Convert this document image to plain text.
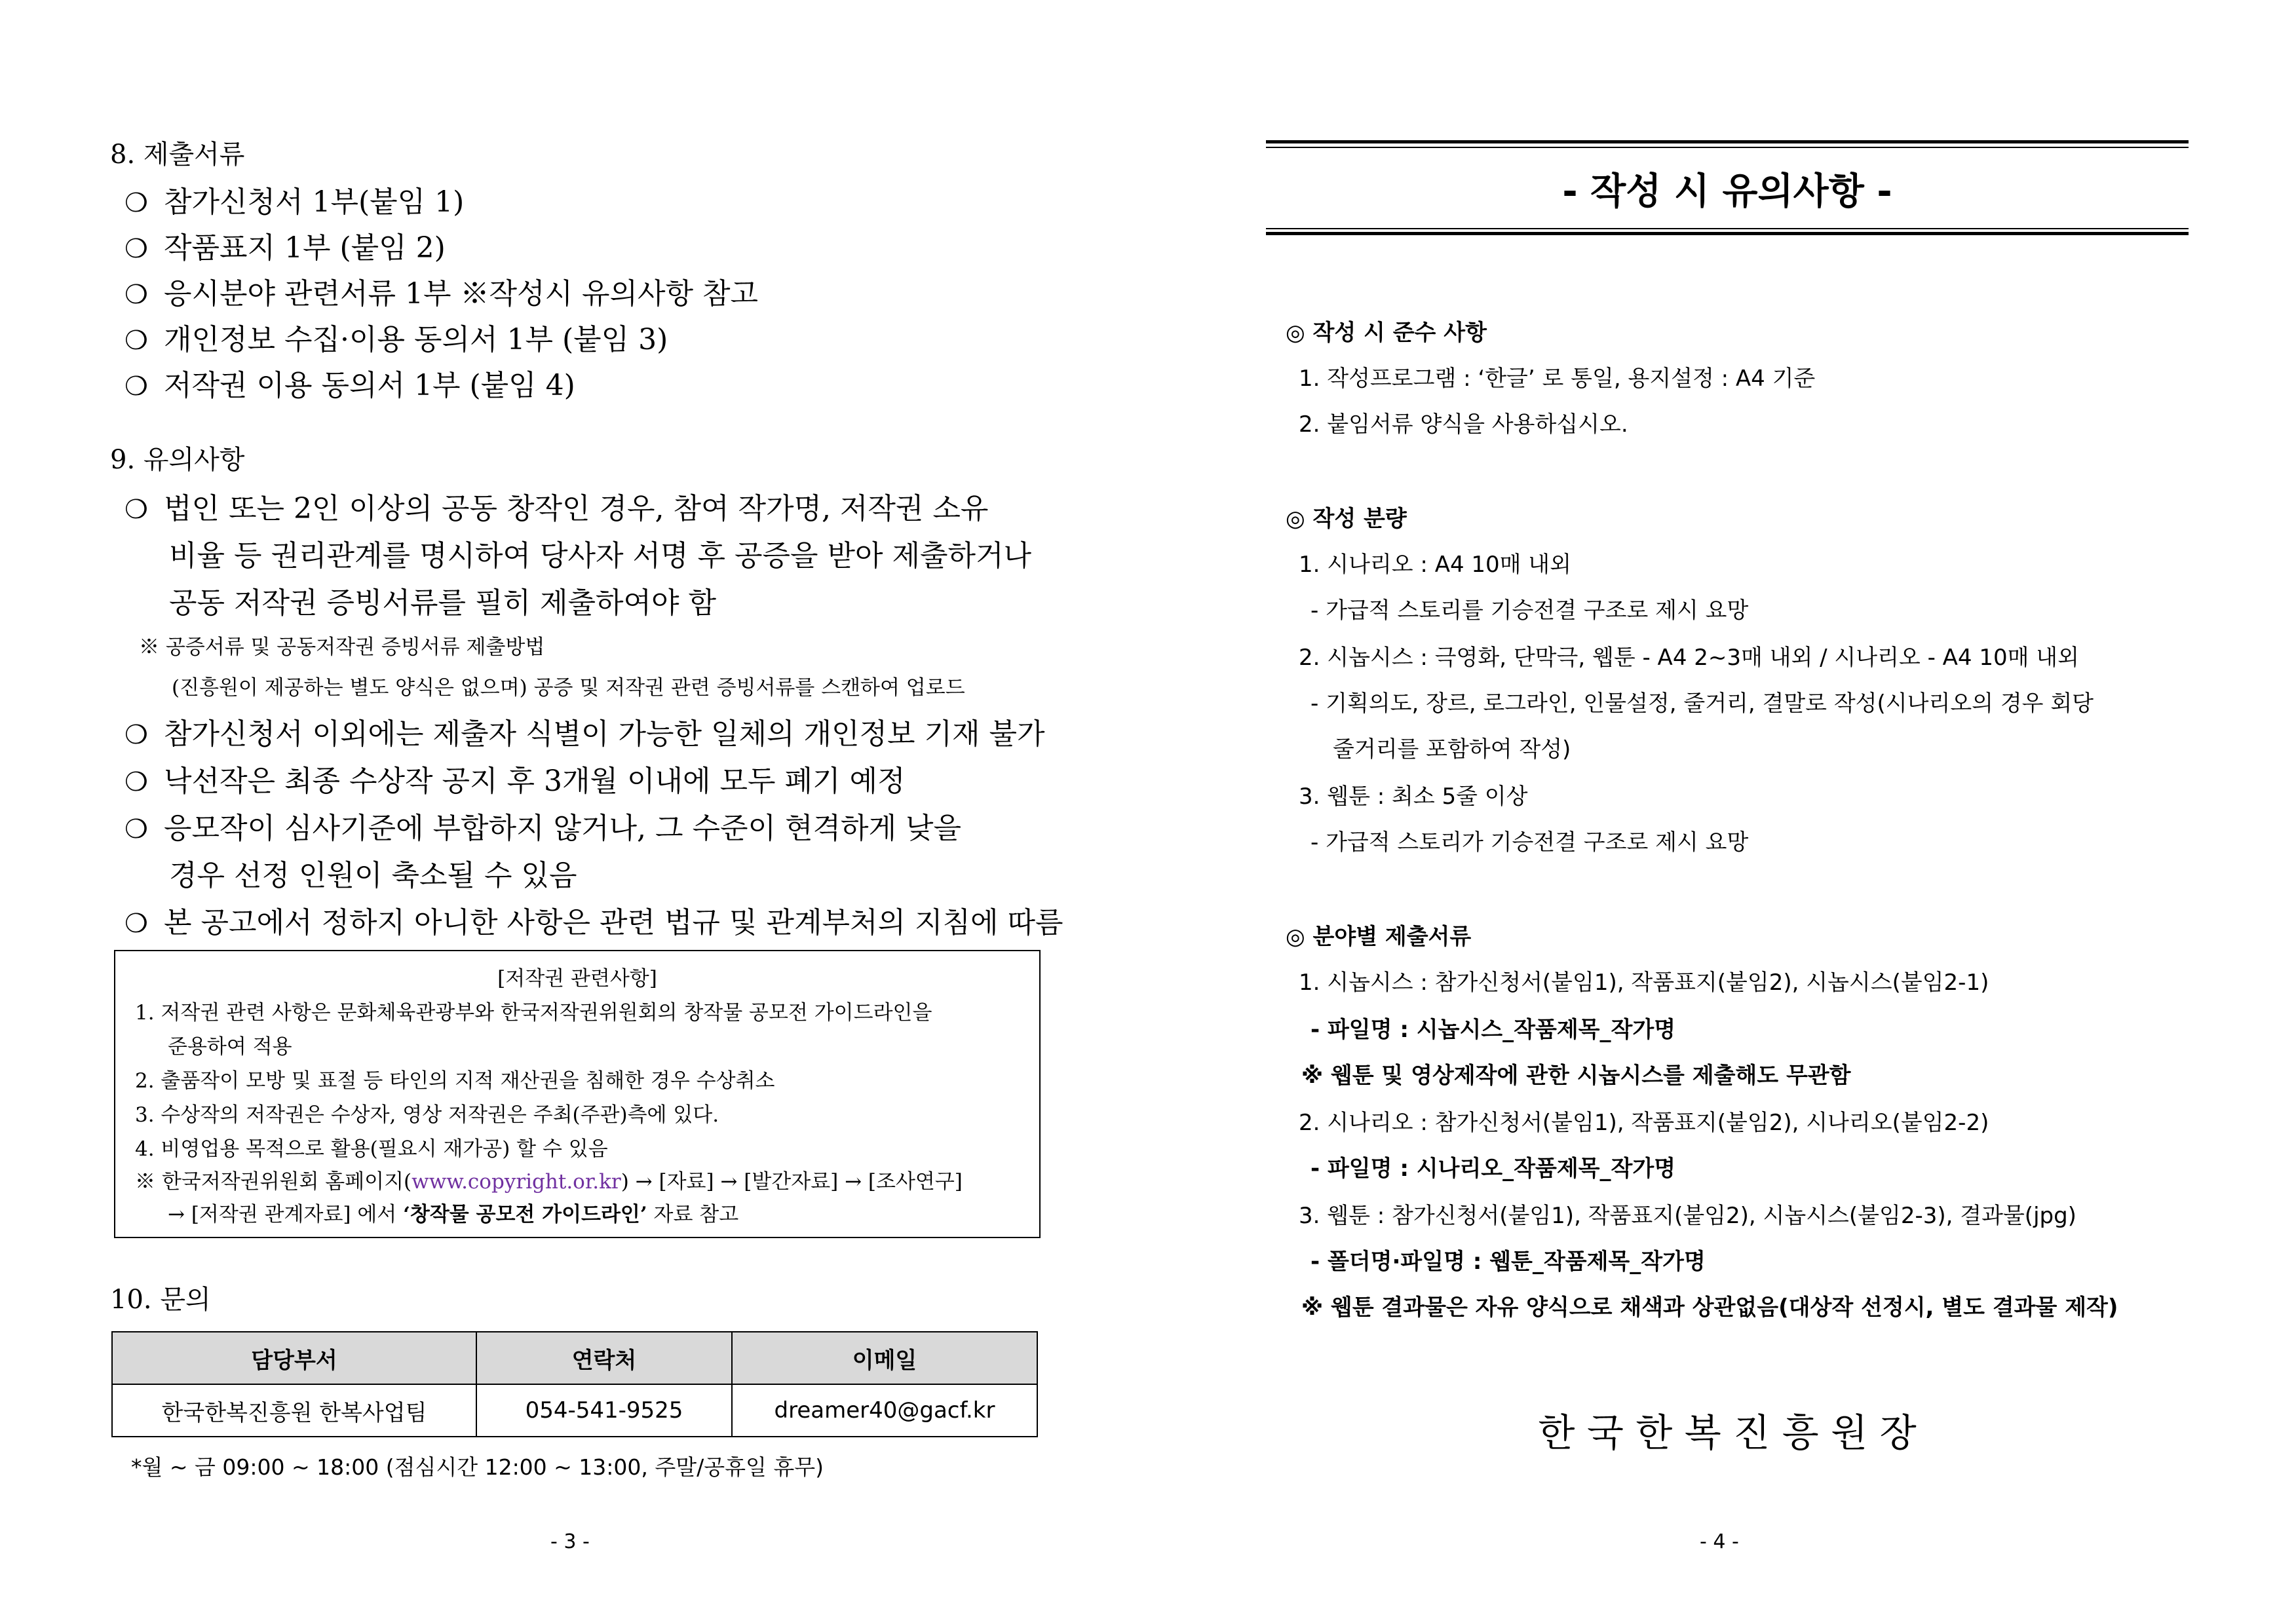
8. 제출서류
❍ 참가신청서 1부(붙임 1)
❍ 작품표지 1부 (붙임 2)
❍ 응시분야 관련서류 1부 ※작성시 유의사항 참고
❍ 개인정보 수집·이용 동의서 1부 (붙임 3)
❍ 저작권 이용 동의서 1부 (붙임 4)
9. 유의사항
❍ 법인 또는 2인 이상의 공동 창작인 경우, 참여 작가명, 저작권 소유
비율 등 권리관계를 명시하여 당사자 서명 후 공증을 받아 제출하거나
공동 저작권 증빙서류를 필히 제출하여야 함
※ 공증서류 및 공동저작권 증빙서류 제출방법
(진흥원이 제공하는 별도 양식은 없으며) 공증 및 저작권 관련 증빙서류를 스캔하여 업로드
❍ 참가신청서 이외에는 제출자 식별이 가능한 일체의 개인정보 기재 불가
❍ 낙선작은 최종 수상작 공지 후 3개월 이내에 모두 폐기 예정
❍ 응모작이 심사기준에 부합하지 않거나, 그 수준이 현격하게 낮을
경우 선정 인원이 축소될 수 있음
❍ 본 공고에서 정하지 아니한 사항은 관련 법규 및 관계부처의 지침에 따름
[저작권 관련사항]
1. 저작권 관련 사항은 문화체육관광부와 한국저작권위원회의 창작물 공모전 가이드라인을
준용하여 적용
2. 출품작이 모방 및 표절 등 타인의 지적 재산권을 침해한 경우 수상취소
3. 수상작의 저작권은 수상자, 영상 저작권은 주최(주관)측에 있다.
4. 비영업용 목적으로 활용(필요시 재가공) 할 수 있음
※ 한국저작권위원회 홈페이지(www.copyright.or.kr) → [자료] → [발간자료] → [조사연구]
→ [저작권 관계자료] 에서 ‘창작물 공모전 가이드라인’ 자료 참고
10. 문의
담당부서	연락처	이메일
한국한복진흥원 한복사업팀	054-541-9525	dreamer40@gacf.kr
*월 ~ 금 09:00 ~ 18:00 (점심시간 12:00 ~ 13:00, 주말/공휴일 휴무)
- 3 -
- 작성 시 유의사항 -
◎ 작성 시 준수 사항
1. 작성프로그램 : ‘한글’ 로 통일, 용지설정 : A4 기준
2. 붙임서류 양식을 사용하십시오.
◎ 작성 분량
1. 시나리오 : A4 10매 내외
- 가급적 스토리를 기승전결 구조로 제시 요망
2. 시놉시스 : 극영화, 단막극, 웹툰 - A4 2~3매 내외 / 시나리오 - A4 10매 내외
- 기획의도, 장르, 로그라인, 인물설정, 줄거리, 결말로 작성(시나리오의 경우 회당
줄거리를 포함하여 작성)
3. 웹툰 : 최소 5줄 이상
- 가급적 스토리가 기승전결 구조로 제시 요망
◎ 분야별 제출서류
1. 시놉시스 : 참가신청서(붙임1), 작품표지(붙임2), 시놉시스(붙임2-1)
- 파일명 : 시놉시스_작품제목_작가명
※ 웹툰 및 영상제작에 관한 시놉시스를 제출해도 무관함
2. 시나리오 : 참가신청서(붙임1), 작품표지(붙임2), 시나리오(붙임2-2)
- 파일명 : 시나리오_작품제목_작가명
3. 웹툰 : 참가신청서(붙임1), 작품표지(붙임2), 시놉시스(붙임2-3), 결과물(jpg)
- 폴더명·파일명 : 웹툰_작품제목_작가명
※ 웹툰 결과물은 자유 양식으로 채색과 상관없음(대상작 선정시, 별도 결과물 제작)
한 국 한 복 진 흥 원 장
- 4 -
